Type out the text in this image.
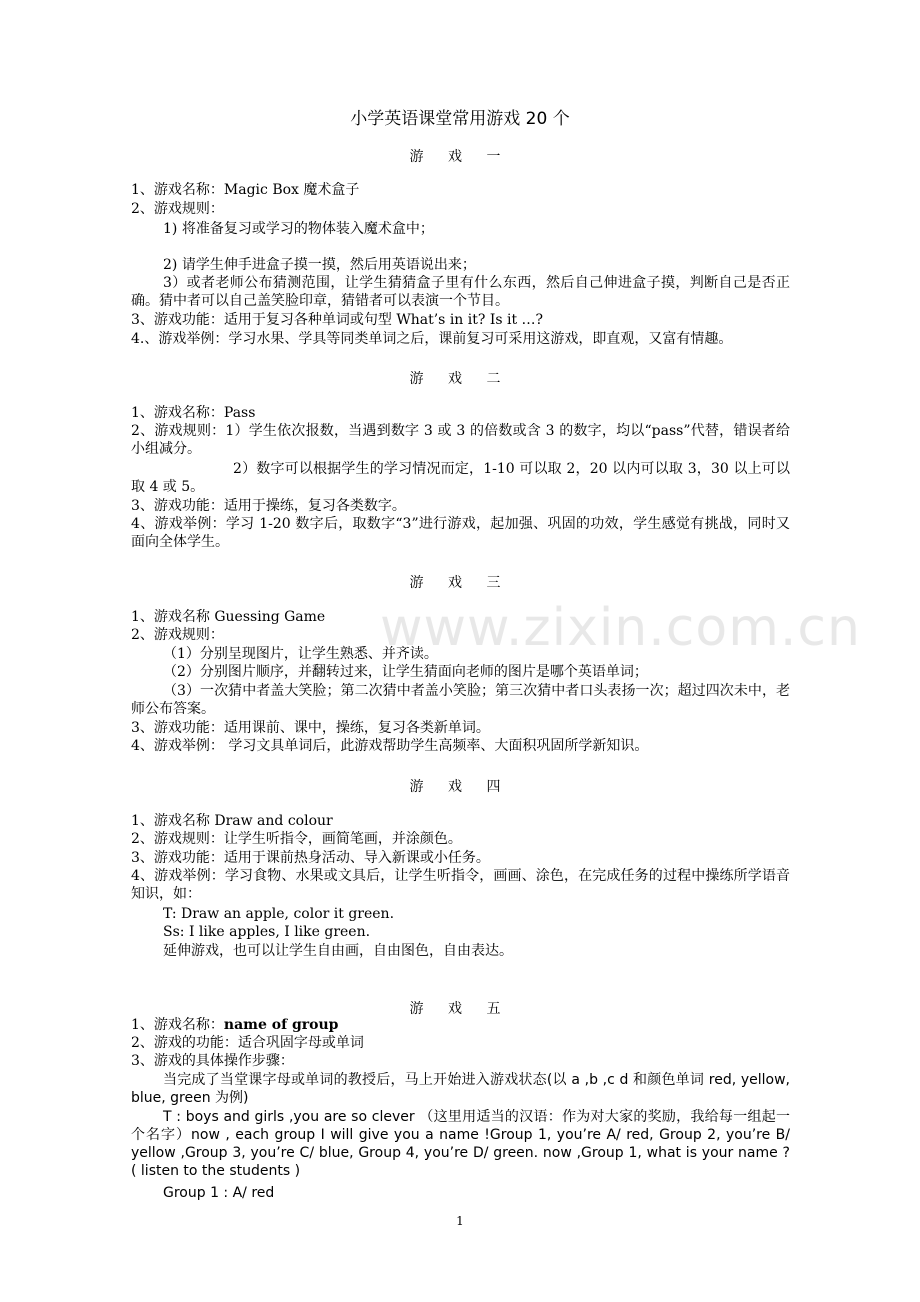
www.zixin.com.cn
小学英语课堂常用游戏 20 个
游 戏 一
1、游戏名称：Magic Box 魔术盒子
2、游戏规则：
1) 将准备复习或学习的物体装入魔术盒中；
2) 请学生伸手进盒子摸一摸，然后用英语说出来；
3）或者老师公布猜测范围，让学生猜猜盒子里有什么东西，然后自己伸进盒子摸，判断自己是否正确。猜中者可以自己盖笑脸印章，猜错者可以表演一个节目。
3、游戏功能：适用于复习各种单词或句型 What’s in it? Is it …?
4.、游戏举例：学习水果、学具等同类单词之后，课前复习可采用这游戏，即直观，又富有情趣。
游 戏 二
1、游戏名称：Pass
2、游戏规则：1）学生依次报数，当遇到数字 3 或 3 的倍数或含 3 的数字，均以“pass”代替，错误者给小组减分。
2）数字可以根据学生的学习情况而定，1-10 可以取 2，20 以内可以取 3，30 以上可以取 4 或 5。
3、游戏功能：适用于操练，复习各类数字。
4、游戏举例：学习 1-20 数字后，取数字“3”进行游戏，起加强、巩固的功效，学生感觉有挑战，同时又面向全体学生。
游 戏 三
1、游戏名称 Guessing Game
2、游戏规则：
（1）分别呈现图片，让学生熟悉、并齐读。
（2）分别图片顺序，并翻转过来，让学生猜面向老师的图片是哪个英语单词；
（3）一次猜中者盖大笑脸；第二次猜中者盖小笑脸；第三次猜中者口头表扬一次；超过四次未中，老师公布答案。
3、游戏功能：适用课前、课中，操练，复习各类新单词。
4、游戏举例： 学习文具单词后，此游戏帮助学生高频率、大面积巩固所学新知识。
游 戏 四
1、游戏名称 Draw and colour
2、游戏规则：让学生听指令，画简笔画，并涂颜色。
3、游戏功能：适用于课前热身活动、导入新课或小任务。
4、游戏举例：学习食物、水果或文具后，让学生听指令，画画、涂色，在完成任务的过程中操练所学语音知识，如：
T: Draw an apple, color it green.
Ss: I like apples, I like green.
延伸游戏，也可以让学生自由画，自由图色，自由表达。
游 戏 五
1、游戏名称：name of group
2、游戏的功能：适合巩固字母或单词
3、游戏的具体操作步骤：
当完成了当堂课字母或单词的教授后，马上开始进入游戏状态(以 a ,b ,c d 和颜色单词 red, yellow, blue, green 为例)
T : boys and girls ,you are so clever （这里用适当的汉语：作为对大家的奖励，我给每一组起一个名字）now , each group I will give you a name !Group 1, you’re A/ red, Group 2, you’re B/ yellow ,Group 3, you’re C/ blue, Group 4, you’re D/ green. now ,Group 1, what is your name ? ( listen to the students )
Group 1 : A/ red
1
